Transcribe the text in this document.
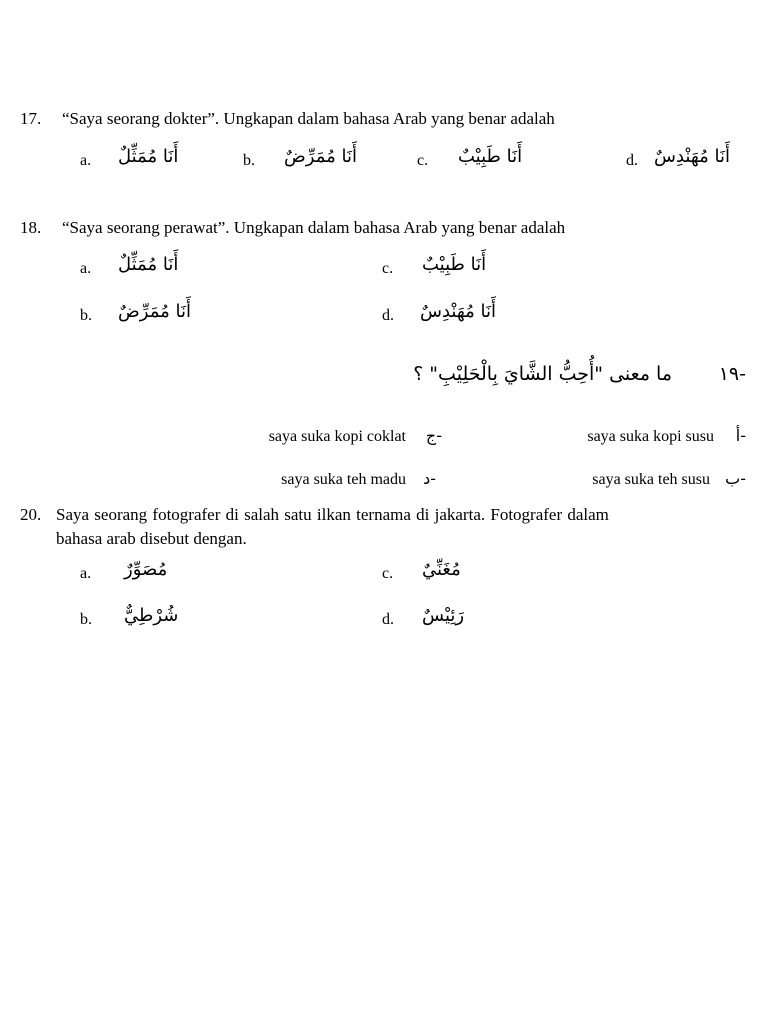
17. “Saya seorang dokter”. Ungkapan dalam bahasa Arab yang benar adalah
a. أَنَا مُمَثِّلٌ	b. أَنَا مُمَرِّضٌ	c. أَنَا طَبِيْبٌ	d. أَنَا مُهَنْدِسٌ
18. “Saya seorang perawat”. Ungkapan dalam bahasa Arab yang benar adalah
a. أَنَا مُمَثِّلٌ	c. أَنَا طَبِيْبٌ
b. أَنَا مُمَرِّضٌ	d. أَنَا مُهَنْدِسٌ
-١٩
ما معنى "أُحِبُّ الشَّايَ بِالْحَلِيْبِ" ؟
أ-
saya suka kopi susu
ج-
saya suka kopi coklat
ب-
saya suka teh susu
د-
saya suka teh madu
20. Saya seorang fotografer di salah satu ilkan ternama di jakarta. Fotografer dalam
bahasa arab disebut dengan.
a. مُصَوِّرٌ	c. مُغَنِّيٌ
b. شُرْطِيٌّ	d. رَئِيْسٌ
